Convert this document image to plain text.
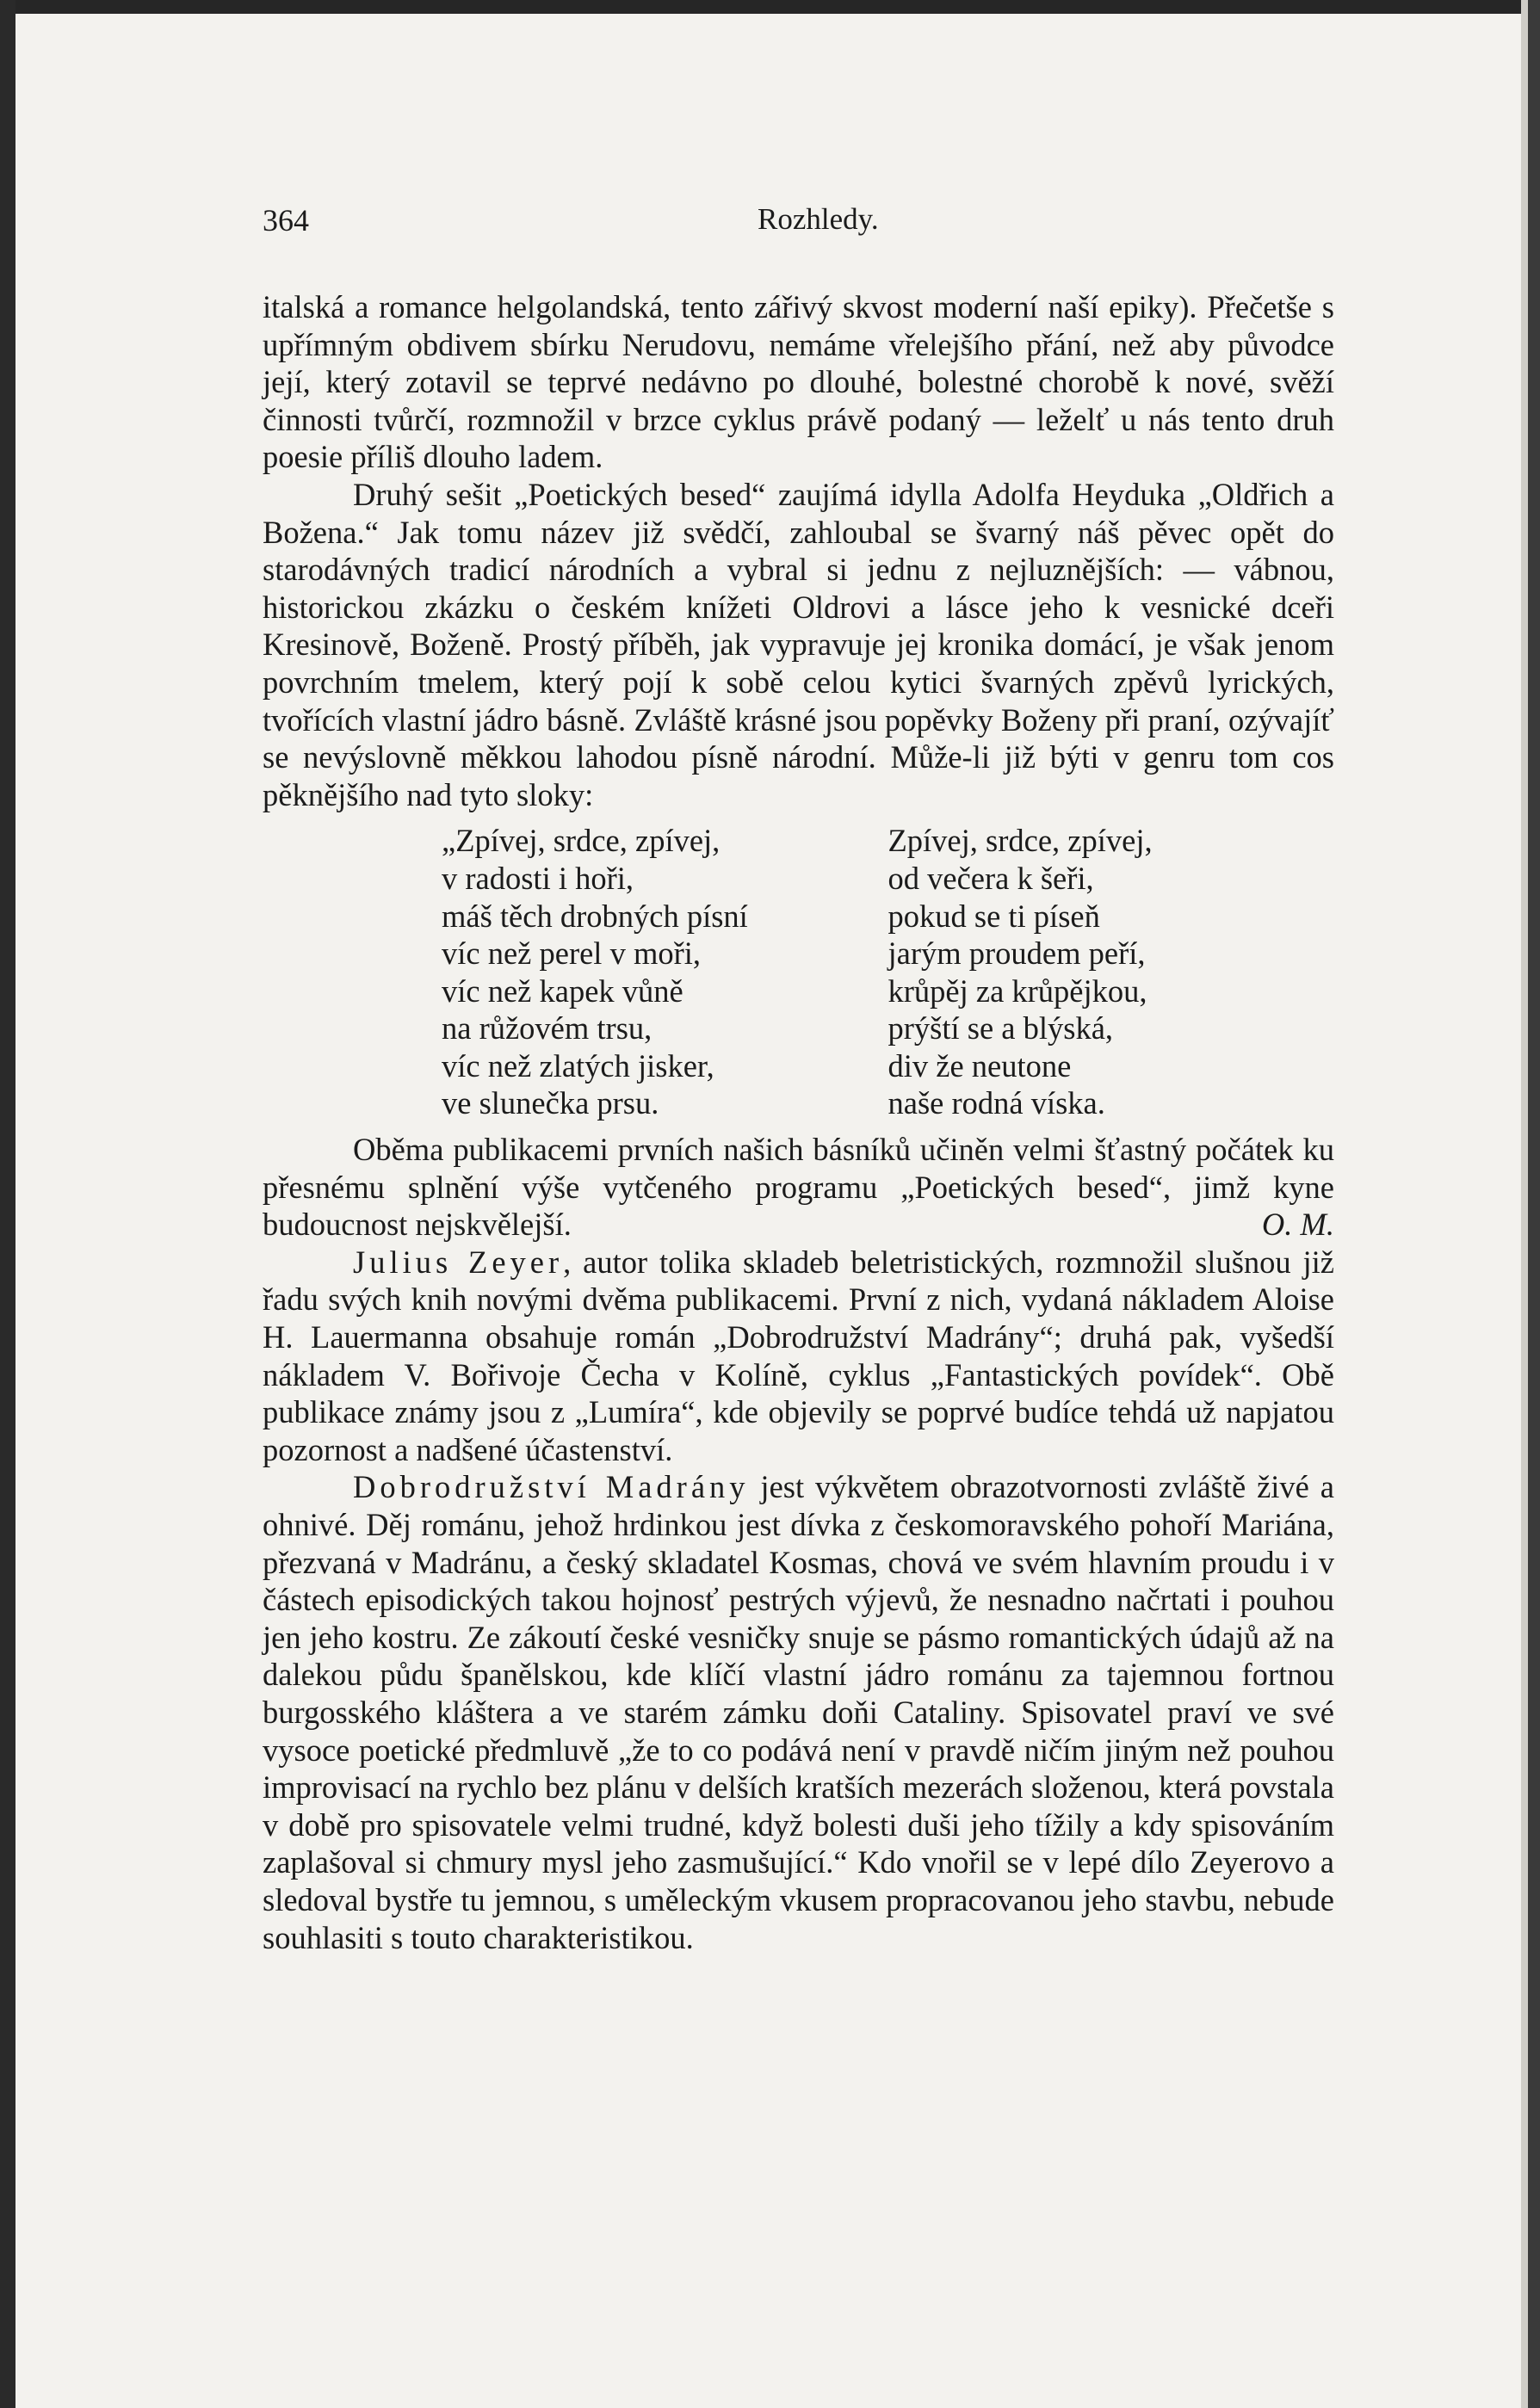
364	Rozhledy.

italská a romance helgolandská, tento zářivý skvost moderní naší epiky). Přečetše s upřímným obdivem sbírku Nerudovu, nemáme vřelejšího přání, než aby původce její, který zotavil se teprvé nedávno po dlouhé, bolestné chorobě k nové, svěží činnosti tvůrčí, rozmnožil v brzce cyklus právě podaný — leželť u nás tento druh poesie příliš dlouho ladem.

Druhý sešit „Poetických besed“ zaujímá idylla Adolfa Heyduka „Oldřich a Božena.“ Jak tomu název již svědčí, zahloubal se švarný náš pěvec opět do starodávných tradicí národních a vybral si jednu z nejluznějších: — vábnou, historickou zkázku o českém knížeti Oldrovi a lásce jeho k vesnické dceři Kresinově, Boženě. Prostý příběh, jak vypravuje jej kronika domácí, je však jenom povrchním tmelem, který pojí k sobě celou kytici švarných zpěvů lyrických, tvořících vlastní jádro básně. Zvláště krásné jsou popěvky Boženy při praní, ozývajíť se nevýslovně měkkou lahodou písně národní. Může-li již býti v genru tom cos pěknějšího nad tyto sloky:

„Zpívej, srdce, zpívej,
v radosti i hoři,
máš těch drobných písní
víc než perel v moři,
víc než kapek vůně
na růžovém trsu,
víc než zlatých jisker,
ve slunečka prsu.
Zpívej, srdce, zpívej,
od večera k šeři,
pokud se ti píseň
jarým proudem peří,
krůpěj za krůpějkou,
prýští se a blýská,
div že neutone
naše rodná víska.

Oběma publikacemi prvních našich básníků učiněn velmi šťastný počátek ku přesnému splnění výše vytčeného programu „Poetických besed“, jimž kyne budoucnost nejskvělejší.	O. M.

Julius Zeyer, autor tolika skladeb beletristických, rozmnožil slušnou již řadu svých knih novými dvěma publikacemi. První z nich, vydaná nákladem Aloise H. Lauermanna obsahuje román „Dobrodružství Madrány“; druhá pak, vyšedší nákladem V. Bořivoje Čecha v Kolíně, cyklus „Fantastických povídek“. Obě publikace známy jsou z „Lumíra“, kde objevily se poprvé budíce tehdá už napjatou pozornost a nadšené účastenství.

Dobrodružství Madrány jest výkvětem obrazotvornosti zvláště živé a ohnivé. Děj románu, jehož hrdinkou jest dívka z českomoravského pohoří Mariána, přezvaná v Madránu, a český skladatel Kosmas, chová ve svém hlavním proudu i v částech episodických takou hojnosť pestrých výjevů, že nesnadno načrtati i pouhou jen jeho kostru. Ze zákoutí české vesničky snuje se pásmo romantických údajů až na dalekou půdu španělskou, kde klíčí vlastní jádro románu za tajemnou fortnou burgosského kláštera a ve starém zámku doňi Cataliny. Spisovatel praví ve své vysoce poetické předmluvě „že to co podává není v pravdě ničím jiným než pouhou improvisací na rychlo bez plánu v delších kratších mezerách složenou, která povstala v době pro spisovatele velmi trudné, když bolesti duši jeho tížily a kdy spisováním zaplašoval si chmury mysl jeho zasmušující.“ Kdo vnořil se v lepé dílo Zeyerovo a sledoval bystře tu jemnou, s uměleckým vkusem propracovanou jeho stavbu, nebude souhlasiti s touto charakteristikou.
